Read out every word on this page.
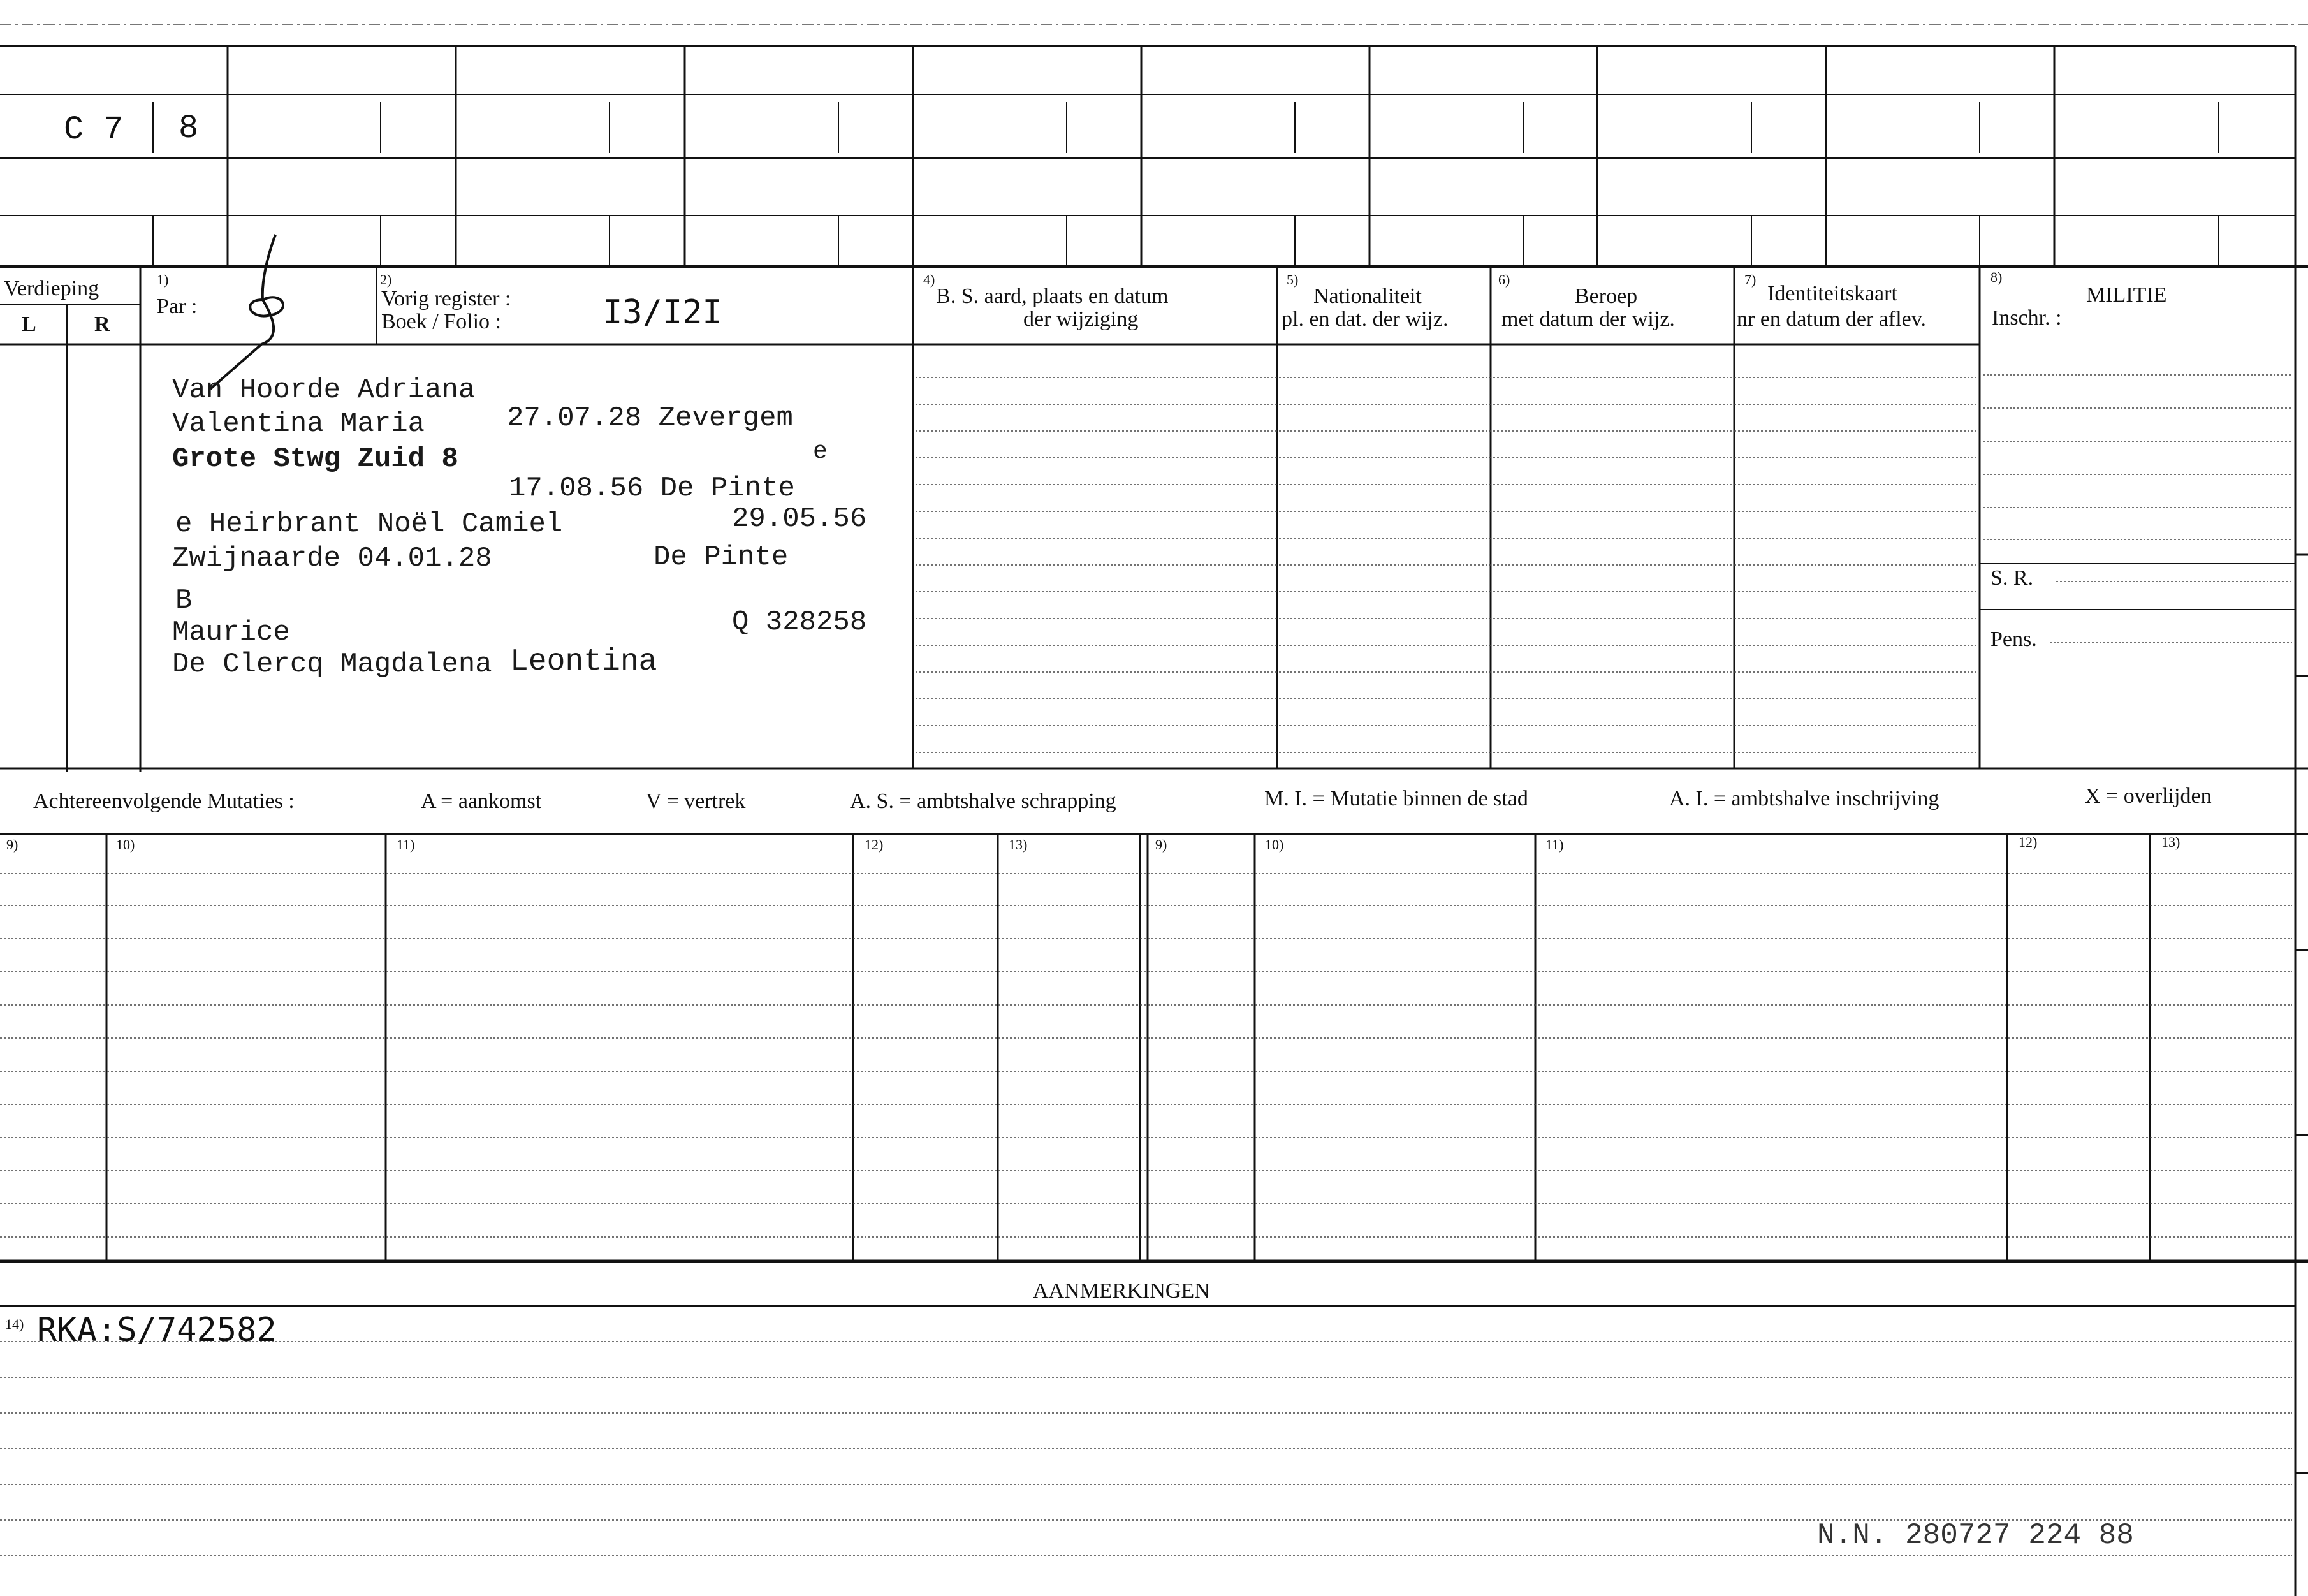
C 7 8
Verdieping
L	R
1)
Par :
2)
Vorig register :
Boek / Folio :	I3/I2I
4)
B. S. aard, plaats en datum
der wijziging
5)
Nationaliteit
pl. en dat. der wijz.
6)
Beroep
met datum der wijz.
7)
Identiteitskaart
nr en datum der aflev.
8)
MILITIE
Inschr. :
S. R.
Pens.
Van Hoorde Adriana
Valentina Maria	27.07.28 Zevergem
Grote Stwg Zuid 8	e
17.08.56 De Pinte
e Heirbrant Noël Camiel	29.05.56
Zwijnaarde 04.01.28	De Pinte
B
Maurice	Q 328258
De Clercq Magdalena Leontina
Achtereenvolgende Mutaties :	A = aankomst	V = vertrek	A. S. = ambtshalve schrapping	M. I. = Mutatie binnen de stad	A. I. = ambtshalve inschrijving	X = overlijden
9)	10)	11)	12)	13)	9)	10)	11)	12)	13)
AANMERKINGEN
14) RKA:S/742582
N.N. 280727 224 88
